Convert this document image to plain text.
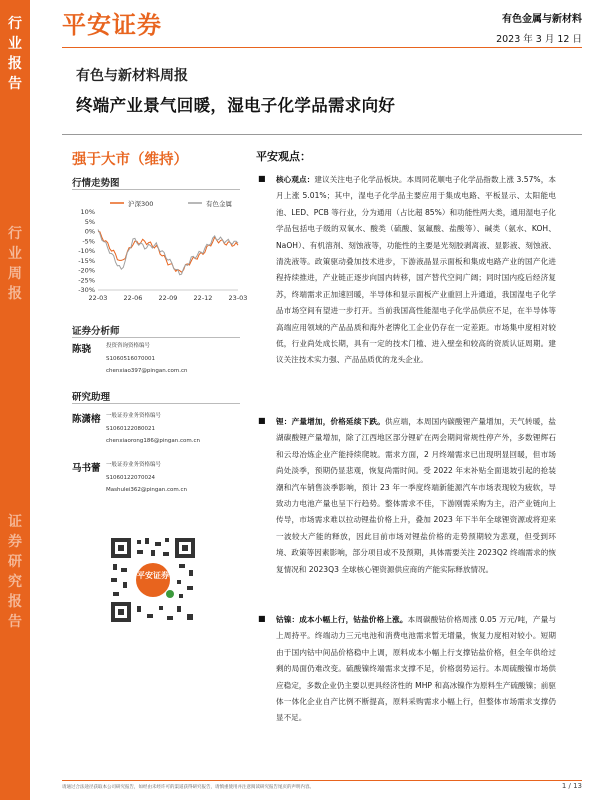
行
业
报
告
行
业
周
报
证
券
研
究
报
告
平安证券	有色金属与新材料
2023 年 3 月 12 日
有色与新材料周报
终端产业景气回暖，湿电子化学品需求向好
强于大市（维持）
行情走势图
沪深300	有色金属
10%
5%
0%
-5%
-10%
-15%
-20%
-25%
-30%
22-03 22-06 22-09 22-12 23-03
证券分析师
陈骁	投资咨询资格编号
S1060516070001
chenxiao397@pingan.com.cn
研究助理
陈潇榕 一般证券业务资格编号
S1060122080021
chenxiaorong186@pingan.com.cn
马书蕾 一般证券业务资格编号
S1060122070024
Mashulei362@pingan.com.cn
平安证券
平安观点：
■ 核心观点：建议关注电子化学品板块。本周同花顺电子化学品指数上涨 3.57%，本月上涨 5.01%；其中，湿电子化学品主要应用于集成电路、平板显示、太阳能电池、LED、PCB 等行业，分为通用（占比超 85%）和功能性两大类，通用湿电子化学品包括电子级的双氧水、酸类（硫酸、氢氟酸、盐酸等）、碱类（氨水、KOH、NaOH）、有机溶剂、刻蚀液等，功能性的主要是光刻胶剥离液、显影液、刻蚀液、清洗液等。政策驱动叠加技术进步，下游液晶显示面板和集成电路产业的国产化进程持续推进，产业链正逐步向国内转移，国产替代空间广阔；同时国内疫后经济复苏，终端需求正加速回暖，半导体和显示面板产业重回上升通道，我国湿电子化学品市场空间有望进一步打开。当前我国高性能湿电子化学品供应不足，在半导体等高端应用领域的产品品质和海外老牌化工企业仍存在一定差距。市场集中度相对较低，行业尚处成长期，具有一定的技术门槛、进入壁垒和较高的资质认证周期。建议关注技术实力强、产品品质优的龙头企业。
■ 锂：产量增加，价格延续下跌。供应端，本周国内碳酸锂产量增加，天气转暖，盐湖碳酸锂产量增加，除了江西地区部分锂矿在两会期间常规性停产外，多数锂辉石和云母冶炼企业产能持续爬坡。需求方面，2 月终端需求已出现明显回暖，但市场尚处淡季，预期仍显悲观，恢复尚需时间。受 2022 年末补贴全面退坡引起的抢装潮和汽车销售淡季影响，预计 23 年一季度终端新能源汽车市场表现较为疲软，导致动力电池产量也呈下行趋势。整体需求不佳，下游刚需采购为主，沿产业链向上传导，市场需求难以拉动锂盐价格上升，叠加 2023 年下半年全球锂资源或将迎来一波较大产能的释放，因此目前市场对锂盐价格的走势预期较为悲观，但受到环境、政策等因素影响，部分项目或不及预期，具体需要关注 2023Q2 终端需求的恢复情况和 2023Q3 全球核心锂资源供应商的产能实际释放情况。
■ 钴镍：成本小幅上行，钴盐价格上涨。本周碳酸钴价格周涨 0.05 万元/吨，产量与上周持平。终端动力三元电池和消费电池需求暂无增量，恢复力度相对较小。短期由于国内钴中间品价格稳中上调，原料成本小幅上行支撑钴盐价格，但全年供给过剩的局面仍难改变。硫酸镍终端需求支撑不足，价格弱势运行。本周硫酸镍市场供应稳定，多数企业仍主要以更具经济性的 MHP 和高冰镍作为原料生产硫酸镍；前驱体一体化企业自产比例不断提高，原料采购需求小幅上行，但整体市场需求支撑仍显不足。
请通过合法途径获取本公司研究报告，如经由未经许可的渠道获得研究报告，请慎重使用并注意阅读研究报告尾页的声明内容。	1 / 13
